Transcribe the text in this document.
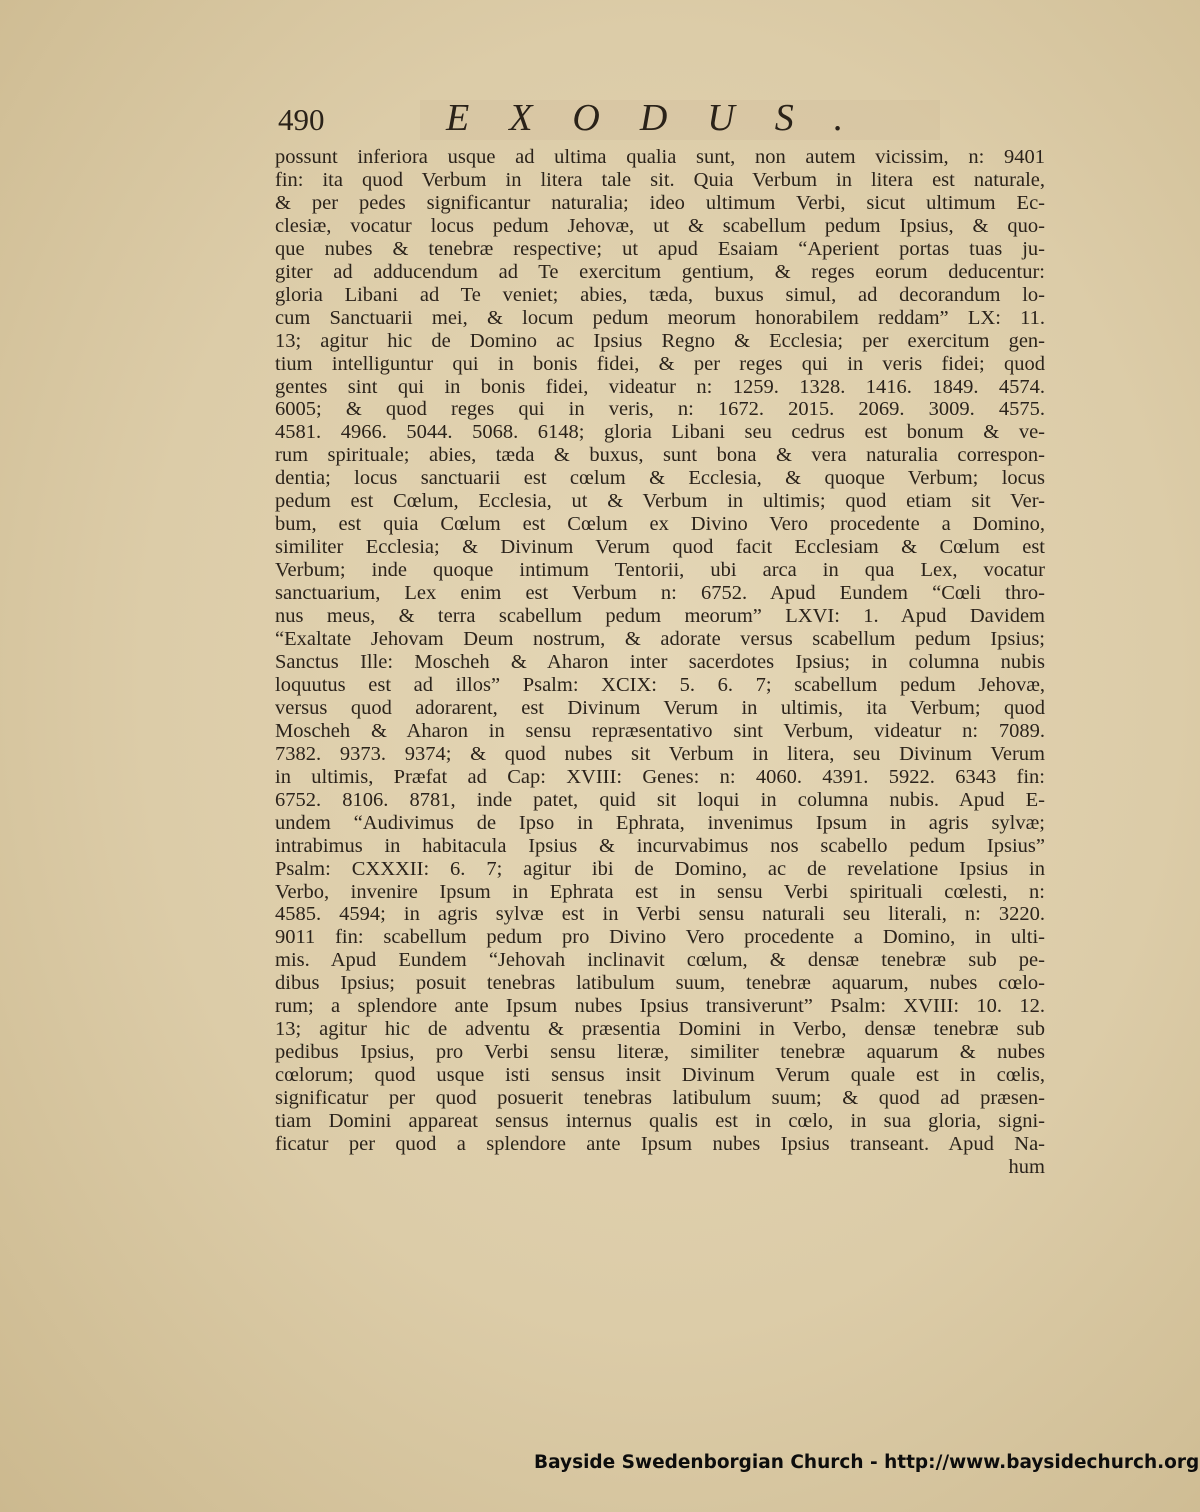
490	EXODUS.
possunt inferiora usque ad ultima qualia sunt, non autem vicissim, n: 9401
fin: ita quod Verbum in litera tale sit. Quia Verbum in litera est naturale,
& per pedes significantur naturalia; ideo ultimum Verbi, sicut ultimum Ec-
clesiæ, vocatur locus pedum Jehovæ, ut & scabellum pedum Ipsius, & quo-
que nubes & tenebræ respective; ut apud Esaiam “Aperient portas tuas ju-
giter ad adducendum ad Te exercitum gentium, & reges eorum deducentur:
gloria Libani ad Te veniet; abies, tæda, buxus simul, ad decorandum lo-
cum Sanctuarii mei, & locum pedum meorum honorabilem reddam” LX: 11.
13; agitur hic de Domino ac Ipsius Regno & Ecclesia; per exercitum gen-
tium intelliguntur qui in bonis fidei, & per reges qui in veris fidei; quod
gentes sint qui in bonis fidei, videatur n: 1259. 1328. 1416. 1849. 4574.
6005; & quod reges qui in veris, n: 1672. 2015. 2069. 3009. 4575.
4581. 4966. 5044. 5068. 6148; gloria Libani seu cedrus est bonum & ve-
rum spirituale; abies, tæda & buxus, sunt bona & vera naturalia correspon-
dentia; locus sanctuarii est cœlum & Ecclesia, & quoque Verbum; locus
pedum est Cœlum, Ecclesia, ut & Verbum in ultimis; quod etiam sit Ver-
bum, est quia Cœlum est Cœlum ex Divino Vero procedente a Domino,
similiter Ecclesia; & Divinum Verum quod facit Ecclesiam & Cœlum est
Verbum; inde quoque intimum Tentorii, ubi arca in qua Lex, vocatur
sanctuarium, Lex enim est Verbum n: 6752. Apud Eundem “Cœli thro-
nus meus, & terra scabellum pedum meorum” LXVI: 1. Apud Davidem
“Exaltate Jehovam Deum nostrum, & adorate versus scabellum pedum Ipsius;
Sanctus Ille: Moscheh & Aharon inter sacerdotes Ipsius; in columna nubis
loquutus est ad illos” Psalm: XCIX: 5. 6. 7; scabellum pedum Jehovæ,
versus quod adorarent, est Divinum Verum in ultimis, ita Verbum; quod
Moscheh & Aharon in sensu repræsentativo sint Verbum, videatur n: 7089.
7382. 9373. 9374; & quod nubes sit Verbum in litera, seu Divinum Verum
in ultimis, Præfat ad Cap: XVIII: Genes: n: 4060. 4391. 5922. 6343 fin:
6752. 8106. 8781, inde patet, quid sit loqui in columna nubis. Apud E-
undem “Audivimus de Ipso in Ephrata, invenimus Ipsum in agris sylvæ;
intrabimus in habitacula Ipsius & incurvabimus nos scabello pedum Ipsius”
Psalm: CXXXII: 6. 7; agitur ibi de Domino, ac de revelatione Ipsius in
Verbo, invenire Ipsum in Ephrata est in sensu Verbi spirituali cœlesti, n:
4585. 4594; in agris sylvæ est in Verbi sensu naturali seu literali, n: 3220.
9011 fin: scabellum pedum pro Divino Vero procedente a Domino, in ulti-
mis. Apud Eundem “Jehovah inclinavit cœlum, & densæ tenebræ sub pe-
dibus Ipsius; posuit tenebras latibulum suum, tenebræ aquarum, nubes cœlo-
rum; a splendore ante Ipsum nubes Ipsius transiverunt” Psalm: XVIII: 10. 12.
13; agitur hic de adventu & præsentia Domini in Verbo, densæ tenebræ sub
pedibus Ipsius, pro Verbi sensu literæ, similiter tenebræ aquarum & nubes
cœlorum; quod usque isti sensus insit Divinum Verum quale est in cœlis,
significatur per quod posuerit tenebras latibulum suum; & quod ad præsen-
tiam Domini appareat sensus internus qualis est in cœlo, in sua gloria, signi-
ficatur per quod a splendore ante Ipsum nubes Ipsius transeant. Apud Na-
hum
Bayside Swedenborgian Church - http://www.baysidechurch.org
